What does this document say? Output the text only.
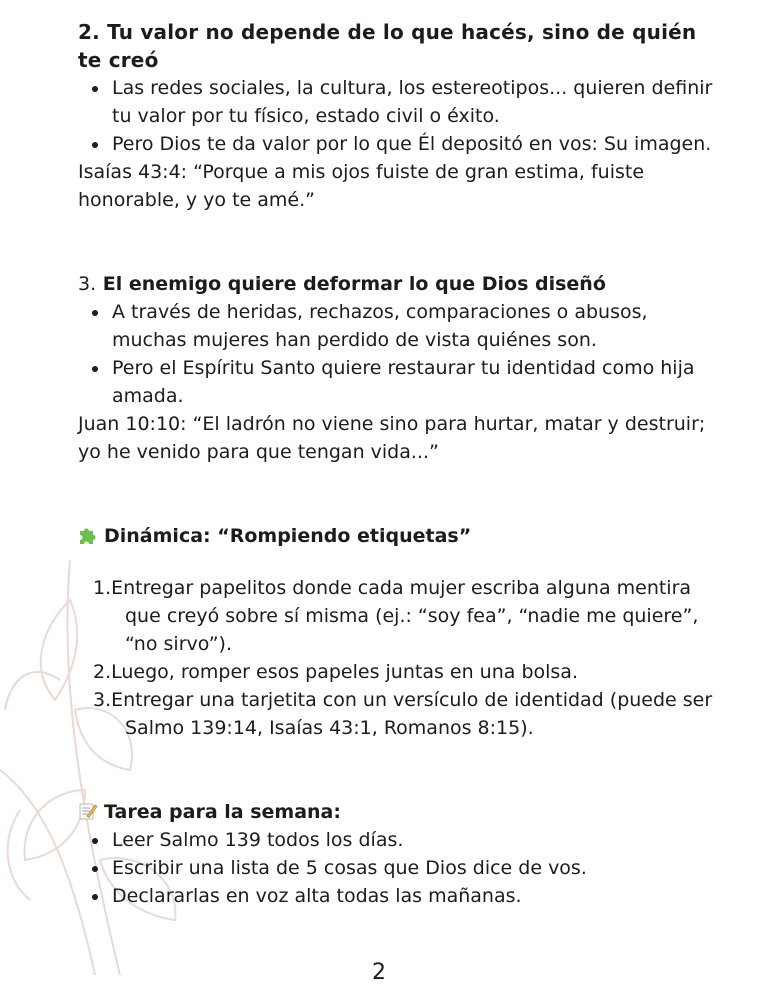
2. Tu valor no depende de lo que hacés, sino de quién te creó
Las redes sociales, la cultura, los estereotipos... quieren definir tu valor por tu físico, estado civil o éxito.
Pero Dios te da valor por lo que Él depositó en vos: Su imagen.

Isaías 43:4: “Porque a mis ojos fuiste de gran estima, fuiste honorable, y yo te amé.”

3. El enemigo quiere deformar lo que Dios diseñó
A través de heridas, rechazos, comparaciones o abusos, muchas mujeres han perdido de vista quiénes son.
Pero el Espíritu Santo quiere restaurar tu identidad como hija amada.

Juan 10:10: “El ladrón no viene sino para hurtar, matar y destruir; yo he venido para que tengan vida...”

Dinámica: “Rompiendo etiquetas”
1.Entregar papelitos donde cada mujer escriba alguna mentira que creyó sobre sí misma (ej.: “soy fea”, “nadie me quiere”, “no sirvo”).
2.Luego, romper esos papeles juntas en una bolsa.
3.Entregar una tarjetita con un versículo de identidad (puede ser Salmo 139:14, Isaías 43:1, Romanos 8:15).
Tarea para la semana:
Leer Salmo 139 todos los días.
Escribir una lista de 5 cosas que Dios dice de vos.
Declararlas en voz alta todas las mañanas.
2
